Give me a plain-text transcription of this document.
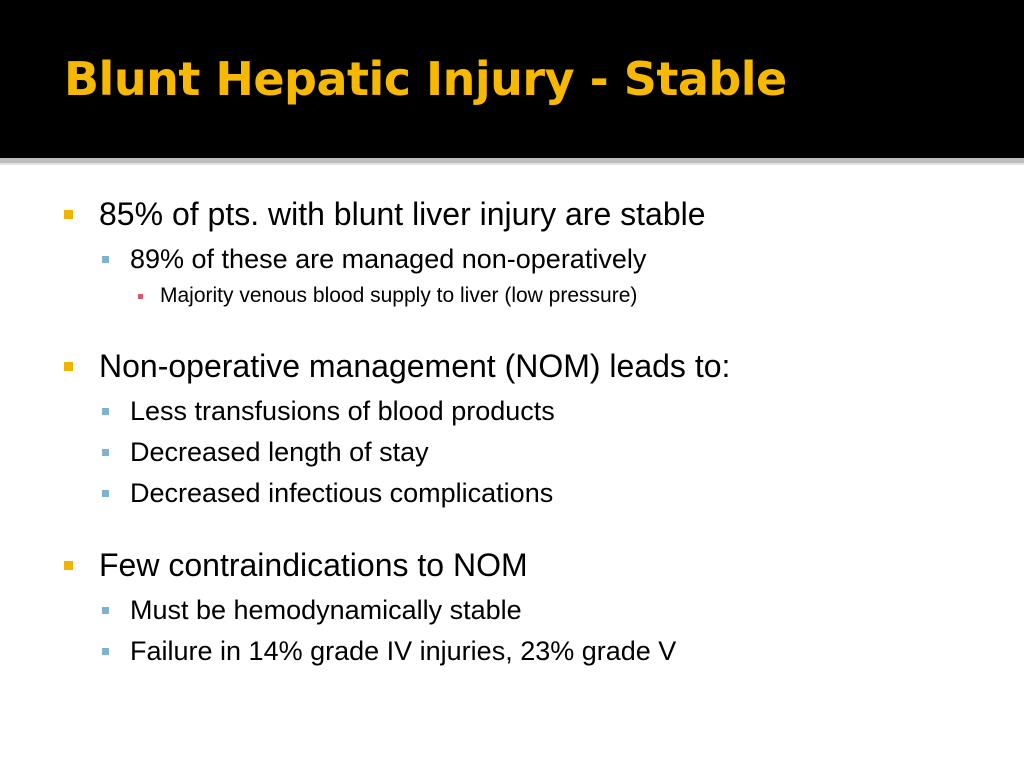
Blunt Hepatic Injury - Stable
85% of pts. with blunt liver injury are stable
89% of these are managed non-operatively
Majority venous blood supply to liver (low pressure)
Non-operative management (NOM) leads to:
Less transfusions of blood products
Decreased length of stay
Decreased infectious complications
Few contraindications to NOM
Must be hemodynamically stable
Failure in 14% grade IV injuries, 23% grade V
